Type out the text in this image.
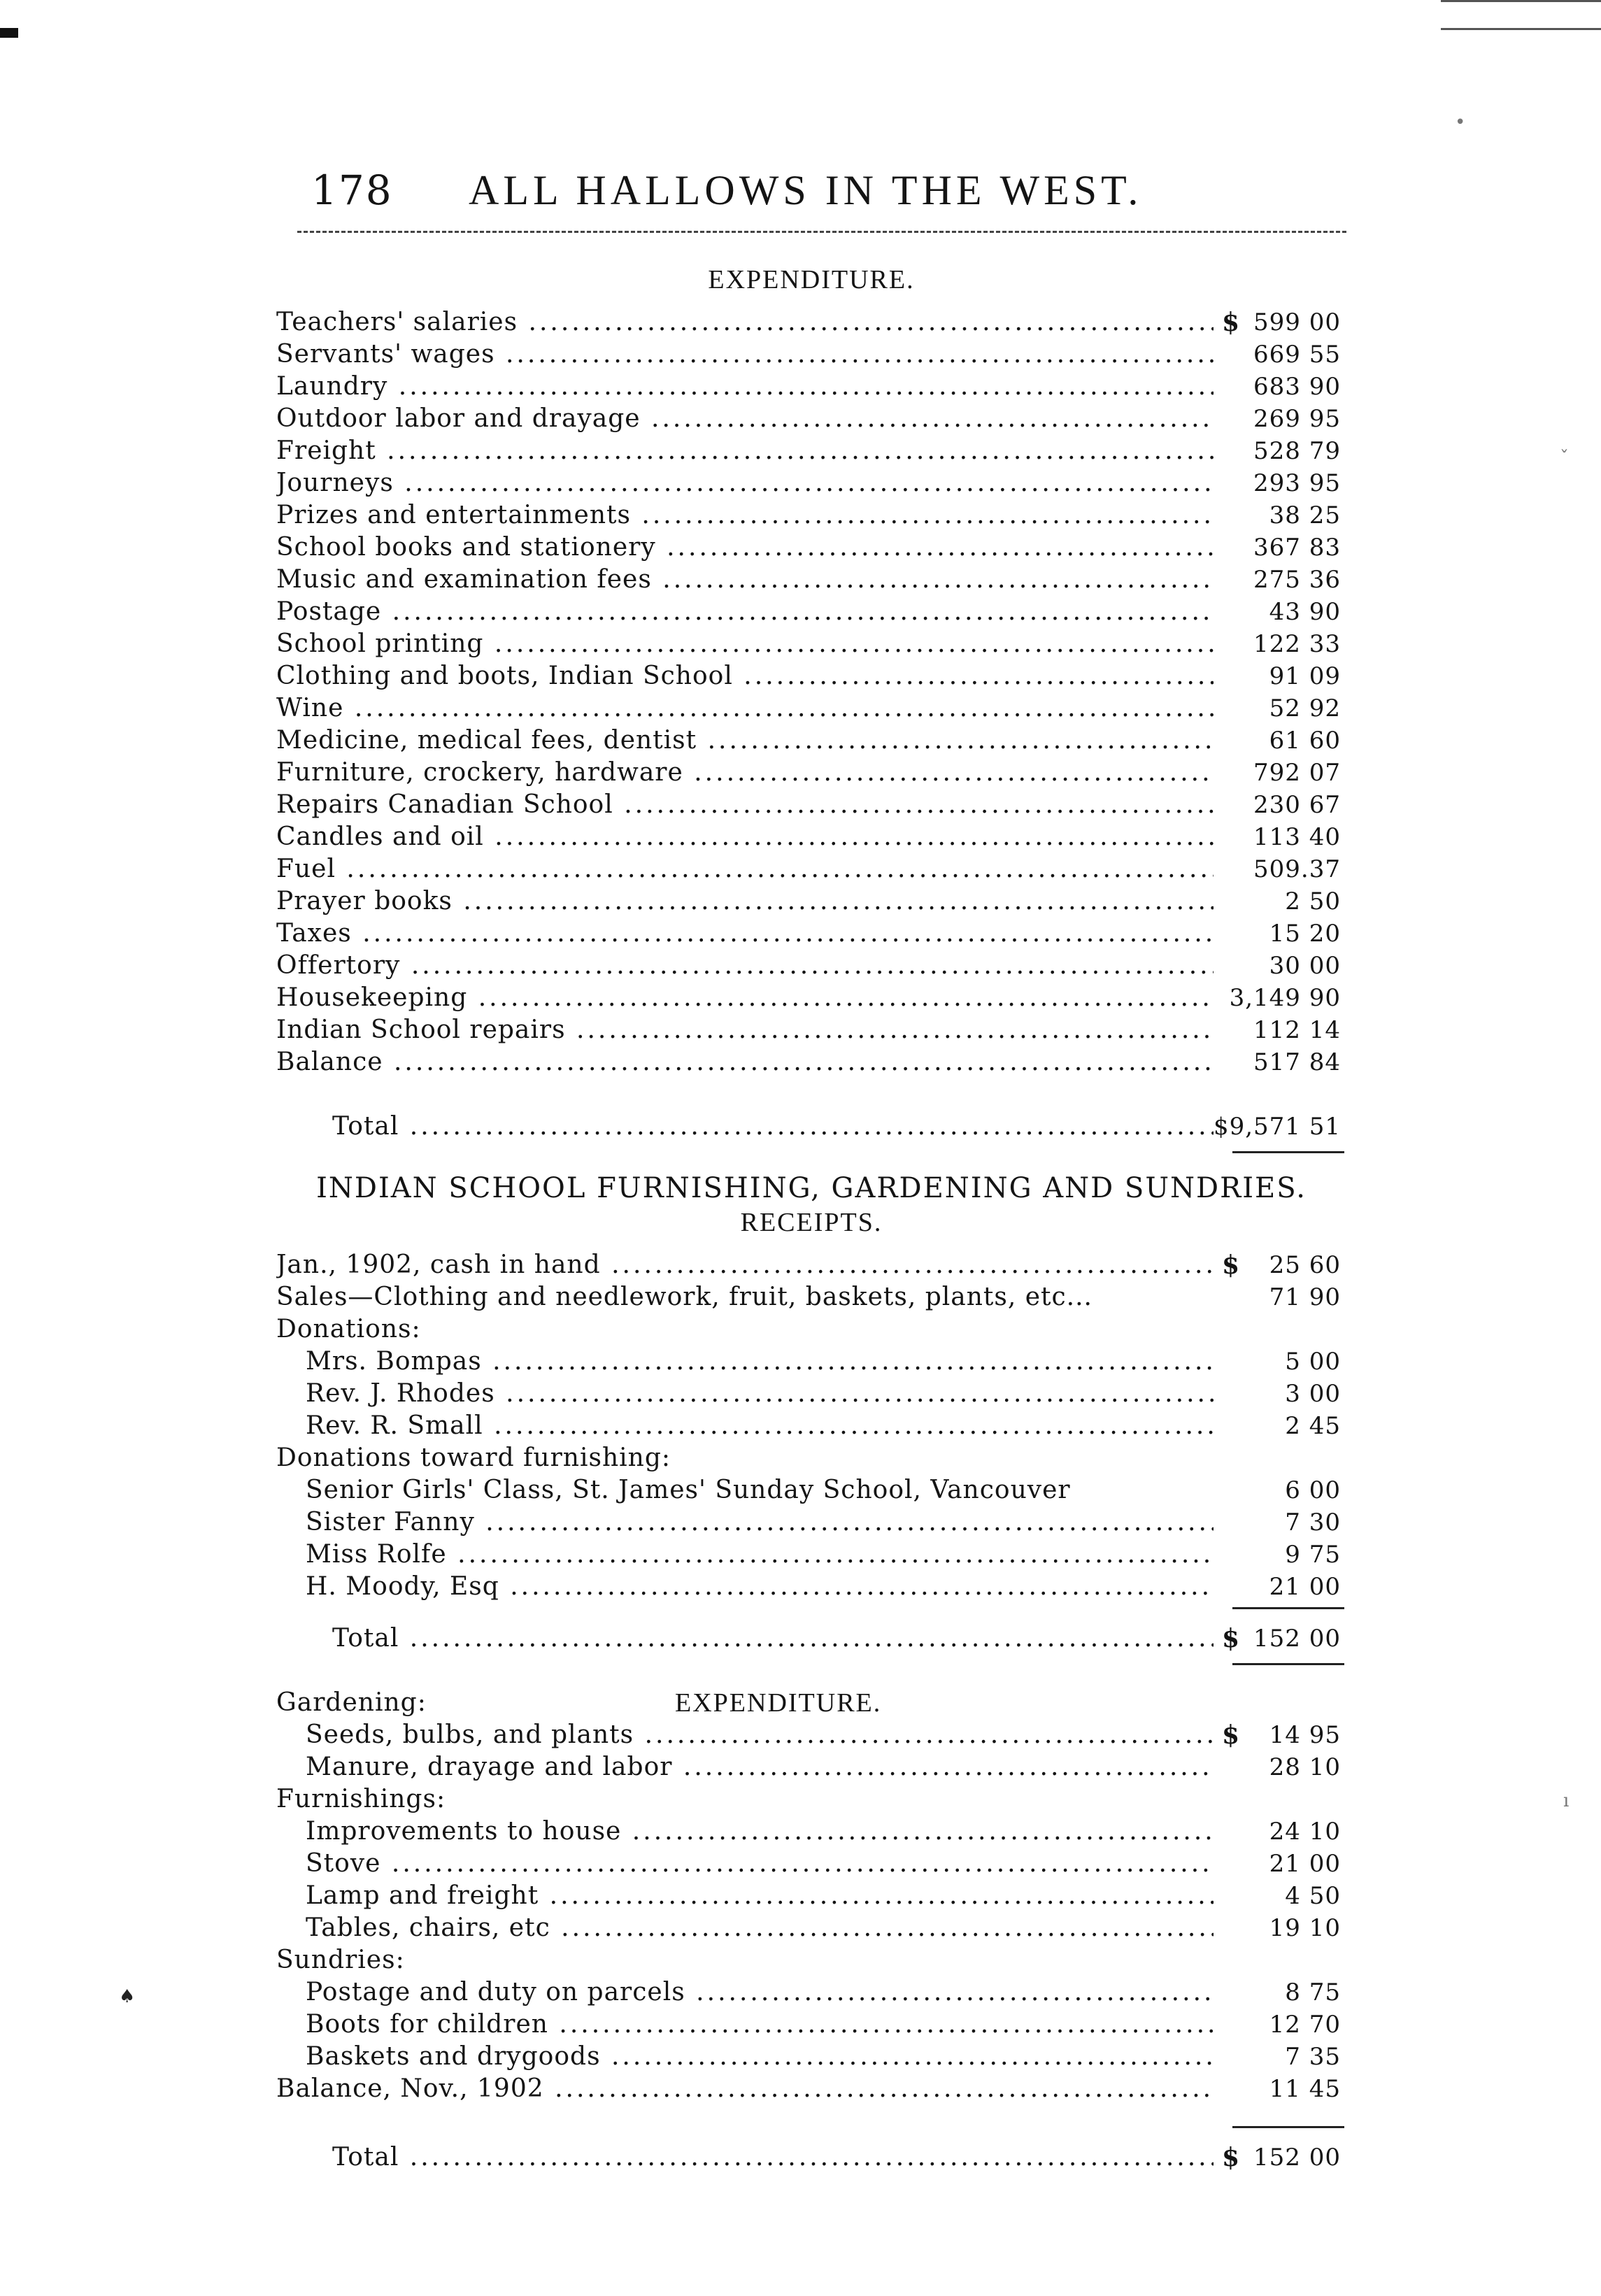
178 ALL HALLOWS IN THE WEST.
EXPENDITURE.
Teachers' salaries .....	$ 599 00
Servants' wages .....	669 55
Laundry .....	683 90
Outdoor labor and drayage .....	269 95
Freight .....	528 79
Journeys .....	293 95
Prizes and entertainments .....	38 25
School books and stationery .....	367 83
Music and examination fees .....	275 36
Postage .....	43 90
School printing .....	122 33
Clothing and boots, Indian School .....	91 09
Wine .....	52 92
Medicine, medical fees, dentist .....	61 60
Furniture, crockery, hardware .....	792 07
Repairs Canadian School .....	230 67
Candles and oil .....	113 40
Fuel .....	509.37
Prayer books .....	2 50
Taxes .....	15 20
Offertory .....	30 00
Housekeeping .....	3,149 90
Indian School repairs .....	112 14
Balance .....	517 84
Total .....	$9,571 51
INDIAN SCHOOL FURNISHING, GARDENING AND SUNDRIES.
RECEIPTS.
Jan., 1902, cash in hand .....	$ 25 60
Sales—Clothing and needlework, fruit, baskets, plants, etc...	71 90
Donations:
Mrs. Bompas .....	5 00
Rev. J. Rhodes .....	3 00
Rev. R. Small .....	2 45
Donations toward furnishing:
Senior Girls' Class, St. James' Sunday School, Vancouver	6 00
Sister Fanny .....	7 30
Miss Rolfe .....	9 75
H. Moody, Esq .....	21 00
Total .....	$ 152 00
Gardening:	EXPENDITURE.
Seeds, bulbs, and plants .....	$ 14 95
Manure, drayage and labor .....	28 10
Furnishings:
Improvements to house .....	24 10
Stove .....	21 00
Lamp and freight .....	4 50
Tables, chairs, etc .....	19 10
Sundries:
Postage and duty on parcels .....	8 75
Boots for children .....	12 70
Baskets and drygoods .....	7 35
Balance, Nov., 1902 .....	11 45
Total .....	$ 152 00
•
ˇ
ı
♠
